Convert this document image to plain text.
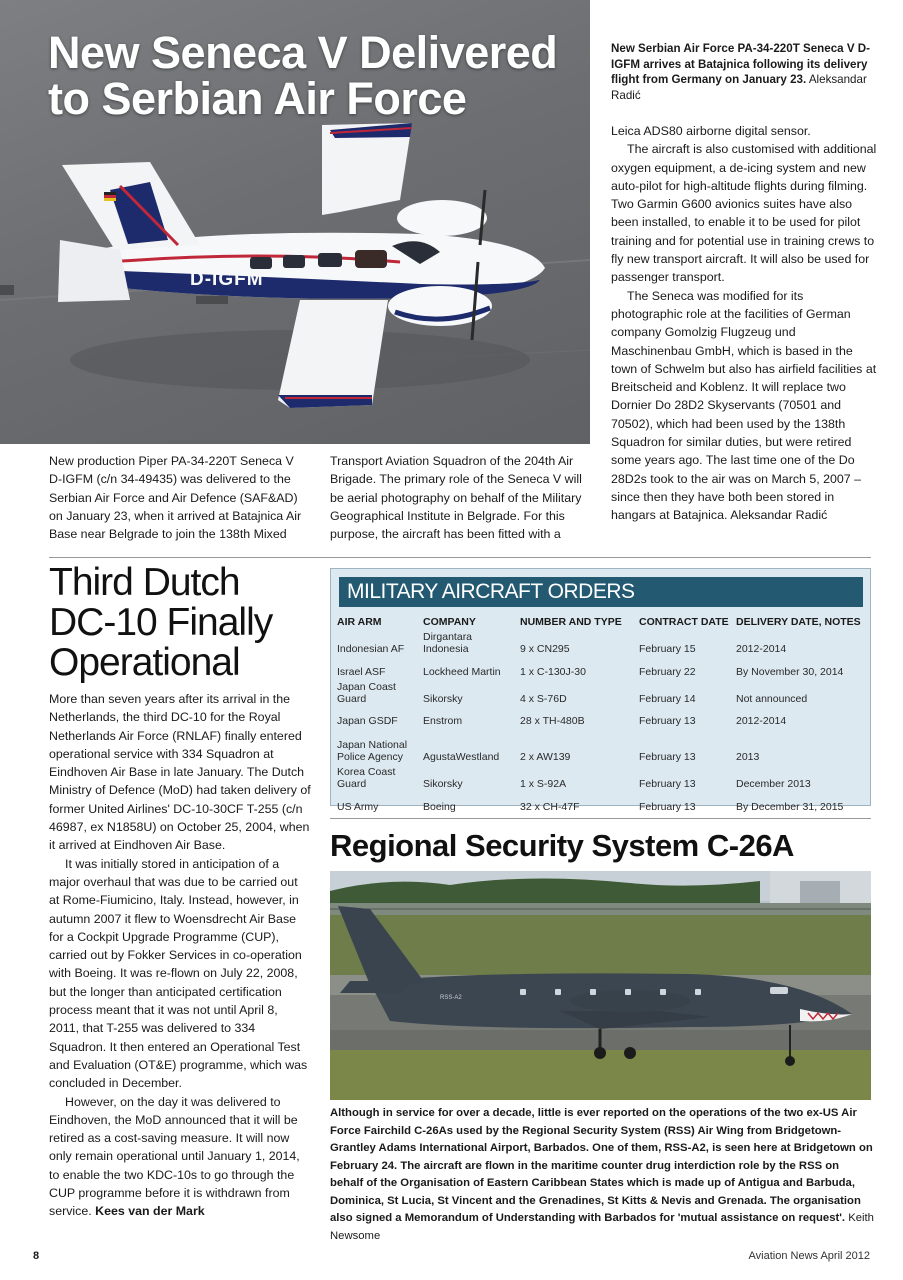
D-IGFM
New Seneca V Delivered
to Serbian Air Force
New Serbian Air Force PA-34-220T Seneca V D-IGFM arrives at Batajnica following its delivery flight from Germany on January 23. Aleksandar Radić

Leica ADS80 airborne digital sensor.

The aircraft is also customised with additional oxygen equipment, a de-icing system and new auto-pilot for high-altitude flights during filming. Two Garmin G600 avionics suites have also been installed, to enable it to be used for pilot training and for potential use in training crews to fly new transport aircraft. It will also be used for passenger transport.

The Seneca was modified for its photographic role at the facilities of German company Gomolzig Flugzeug und Maschinenbau GmbH, which is based in the town of Schwelm but also has airfield facilities at Breitscheid and Koblenz. It will replace two Dornier Do 28D2 Skyservants (70501 and 70502), which had been used by the 138th Squadron for similar duties, but were retired some years ago. The last time one of the Do 28D2s took to the air was on March 5, 2007 – since then they have both been stored in hangars at Batajnica. Aleksandar Radić

New production Piper PA-34-220T Seneca V D-IGFM (c/n 34-49435) was delivered to the Serbian Air Force and Air Defence (SAF&AD) on January 23, when it arrived at Batajnica Air Base near Belgrade to join the 138th Mixed

Transport Aviation Squadron of the 204th Air Brigade. The primary role of the Seneca V will be aerial photography on behalf of the Military Geographical Institute in Belgrade. For this purpose, the aircraft has been fitted with a

Third Dutch
DC-10 Finally
Operational

More than seven years after its arrival in the Netherlands, the third DC-10 for the Royal Netherlands Air Force (RNLAF) finally entered operational service with 334 Squadron at Eindhoven Air Base in late January. The Dutch Ministry of Defence (MoD) had taken delivery of former United Airlines' DC-10-30CF T-255 (c/n 46987, ex N1858U) on October 25, 2004, when it arrived at Eindhoven Air Base.

It was initially stored in anticipation of a major overhaul that was due to be carried out at Rome-Fiumicino, Italy. Instead, however, in autumn 2007 it flew to Woensdrecht Air Base for a Cockpit Upgrade Programme (CUP), carried out by Fokker Services in co-operation with Boeing. It was re-flown on July 22, 2008, but the longer than anticipated certification process meant that it was not until April 8, 2011, that T-255 was delivered to 334 Squadron. It then entered an Operational Test and Evaluation (OT&E) programme, which was concluded in December.

However, on the day it was delivered to Eindhoven, the MoD announced that it will be retired as a cost-saving measure. It will now only remain operational until January 1, 2014, to enable the two KDC-10s to go through the CUP programme before it is withdrawn from service. Kees van der Mark

MILITARY AIRCRAFT ORDERS
AIR ARM	COMPANY	NUMBER AND TYPE	CONTRACT DATE	DELIVERY DATE, NOTES
Indonesian AF	Dirgantara Indonesia	9 x CN295	February 15	2012-2014
Israel ASF	Lockheed Martin	1 x C-130J-30	February 22	By November 30, 2014
Japan Coast Guard	Sikorsky	4 x S-76D	February 14	Not announced
Japan GSDF	Enstrom	28 x TH-480B	February 13	2012-2014
Japan National Police Agency	AgustaWestland	2 x AW139	February 13	2013
Korea Coast Guard	Sikorsky	1 x S-92A	February 13	December 2013
US Army	Boeing	32 x CH-47F	February 13	By December 31, 2015
Regional Security System C-26A
RSS-A2
Although in service for over a decade, little is ever reported on the operations of the two ex-US Air Force Fairchild C-26As used by the Regional Security System (RSS) Air Wing from Bridgetown-Grantley Adams International Airport, Barbados. One of them, RSS-A2, is seen here at Bridgetown on February 24. The aircraft are flown in the maritime counter drug interdiction role by the RSS on behalf of the Organisation of Eastern Caribbean States which is made up of Antigua and Barbuda, Dominica, St Lucia, St Vincent and the Grenadines, St Kitts & Nevis and Grenada. The organisation also signed a Memorandum of Understanding with Barbados for 'mutual assistance on request'. Keith Newsome
8	Aviation News April 2012
